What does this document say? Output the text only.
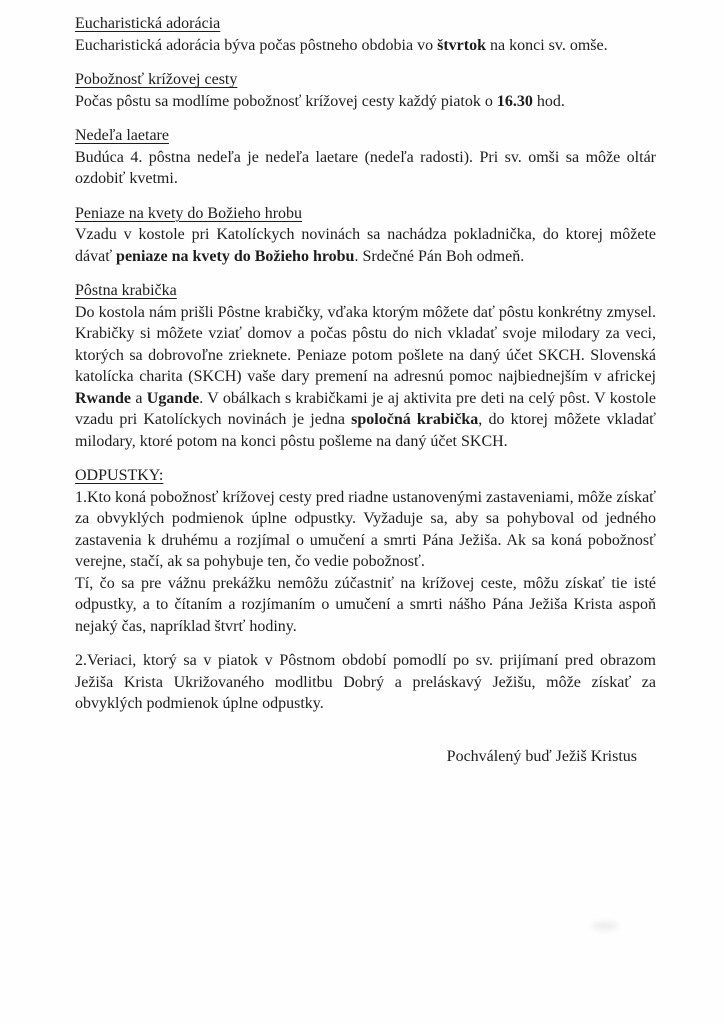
Eucharistická adorácia

Eucharistická adorácia býva počas pôstneho obdobia vo štvrtok na konci sv. omše.

Pobožnosť krížovej cesty

Počas pôstu sa modlíme pobožnosť krížovej cesty každý piatok o 16.30 hod.

Nedeľa laetare

Budúca 4. pôstna nedeľa je nedeľa laetare (nedeľa radosti). Pri sv. omši sa môže oltár ozdobiť kvetmi.

Peniaze na kvety do Božieho hrobu

Vzadu v kostole pri Katolíckych novinách sa nachádza pokladnička, do ktorej môžete dávať peniaze na kvety do Božieho hrobu. Srdečné Pán Boh odmeň.

Pôstna krabička

Do kostola nám prišli Pôstne krabičky, vďaka ktorým môžete dať pôstu konkrétny zmysel. Krabičky si môžete vziať domov a počas pôstu do nich vkladať svoje milodary za veci, ktorých sa dobrovoľne zrieknete. Peniaze potom pošlete na daný účet SKCH. Slovenská katolícka charita (SKCH) vaše dary premení na adresnú pomoc najbiednejším v africkej Rwande a Ugande. V obálkach s krabičkami je aj aktivita pre deti na celý pôst. V kostole vzadu pri Katolíckych novinách je jedna spoločná krabička, do ktorej môžete vkladať milodary, ktoré potom na konci pôstu pošleme na daný účet SKCH.

ODPUSTKY:

1.Kto koná pobožnosť krížovej cesty pred riadne ustanovenými zastaveniami, môže získať za obvyklých podmienok úplne odpustky. Vyžaduje sa, aby sa pohyboval od jedného zastavenia k druhému a rozjímal o umučení a smrti Pána Ježiša. Ak sa koná pobožnosť verejne, stačí, ak sa pohybuje ten, čo vedie pobožnosť.

Tí, čo sa pre vážnu prekážku nemôžu zúčastniť na krížovej ceste, môžu získať tie isté odpustky, a to čítaním a rozjímaním o umučení a smrti nášho Pána Ježiša Krista aspoň nejaký čas, napríklad štvrť hodiny.

2.Veriaci, ktorý sa v piatok v Pôstnom období pomodlí po sv. prijímaní pred obrazom Ježiša Krista Ukrižovaného modlitbu Dobrý a preláskavý Ježišu, môže získať za obvyklých podmienok úplne odpustky.

Pochválený buď Ježiš Kristus
